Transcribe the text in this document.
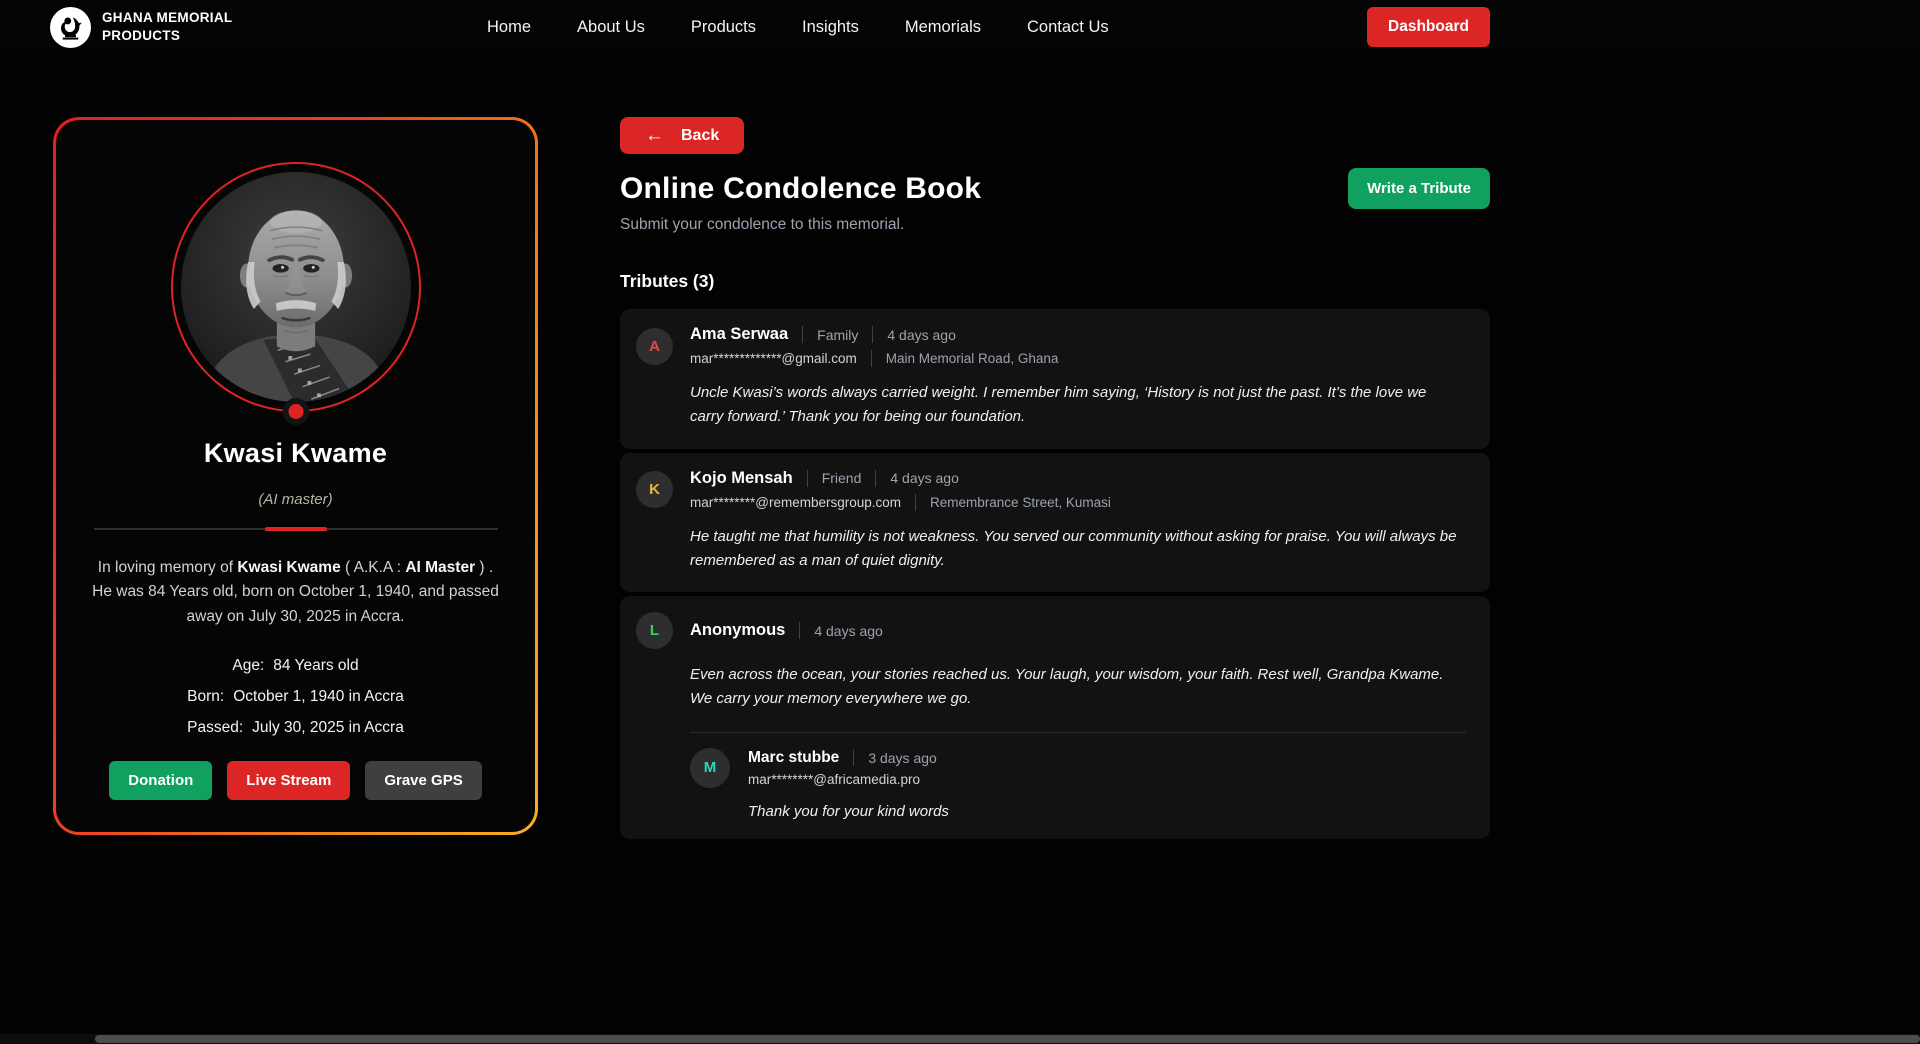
GHANA MEMORIAL
PRODUCTS	Home	About Us	Products	Insights	Memorials	Contact Us	Dashboard
Kwasi Kwame
(AI master)

In loving memory of Kwasi Kwame ( A.K.A : AI Master ) . He was 84 Years old, born on October 1, 1940, and passed away on July 30, 2025 in Accra.

Age: 84 Years old
Born: October 1, 1940 in Accra
Passed: July 30, 2025 in Accra
Donation	Live Stream	Grave GPS
← Back
Online Condolence Book	Write a Tribute
Submit your condolence to this memorial.
Tributes (3)
A
Ama Serwaa Family 4 days ago
mar*************@gmail.com Main Memorial Road, Ghana

Uncle Kwasi’s words always carried weight. I remember him saying, ‘History is not just the past. It’s the love we carry forward.’ Thank you for being our foundation.

K
Kojo Mensah Friend 4 days ago
mar********@remembersgroup.com Remembrance Street, Kumasi

He taught me that humility is not weakness. You served our community without asking for praise. You will always be remembered as a man of quiet dignity.

L	Anonymous 4 days ago

Even across the ocean, your stories reached us. Your laugh, your wisdom, your faith. Rest well, Grandpa Kwame. We carry your memory everywhere we go.

M
Marc stubbe 3 days ago
mar********@africamedia.pro

Thank you for your kind words
